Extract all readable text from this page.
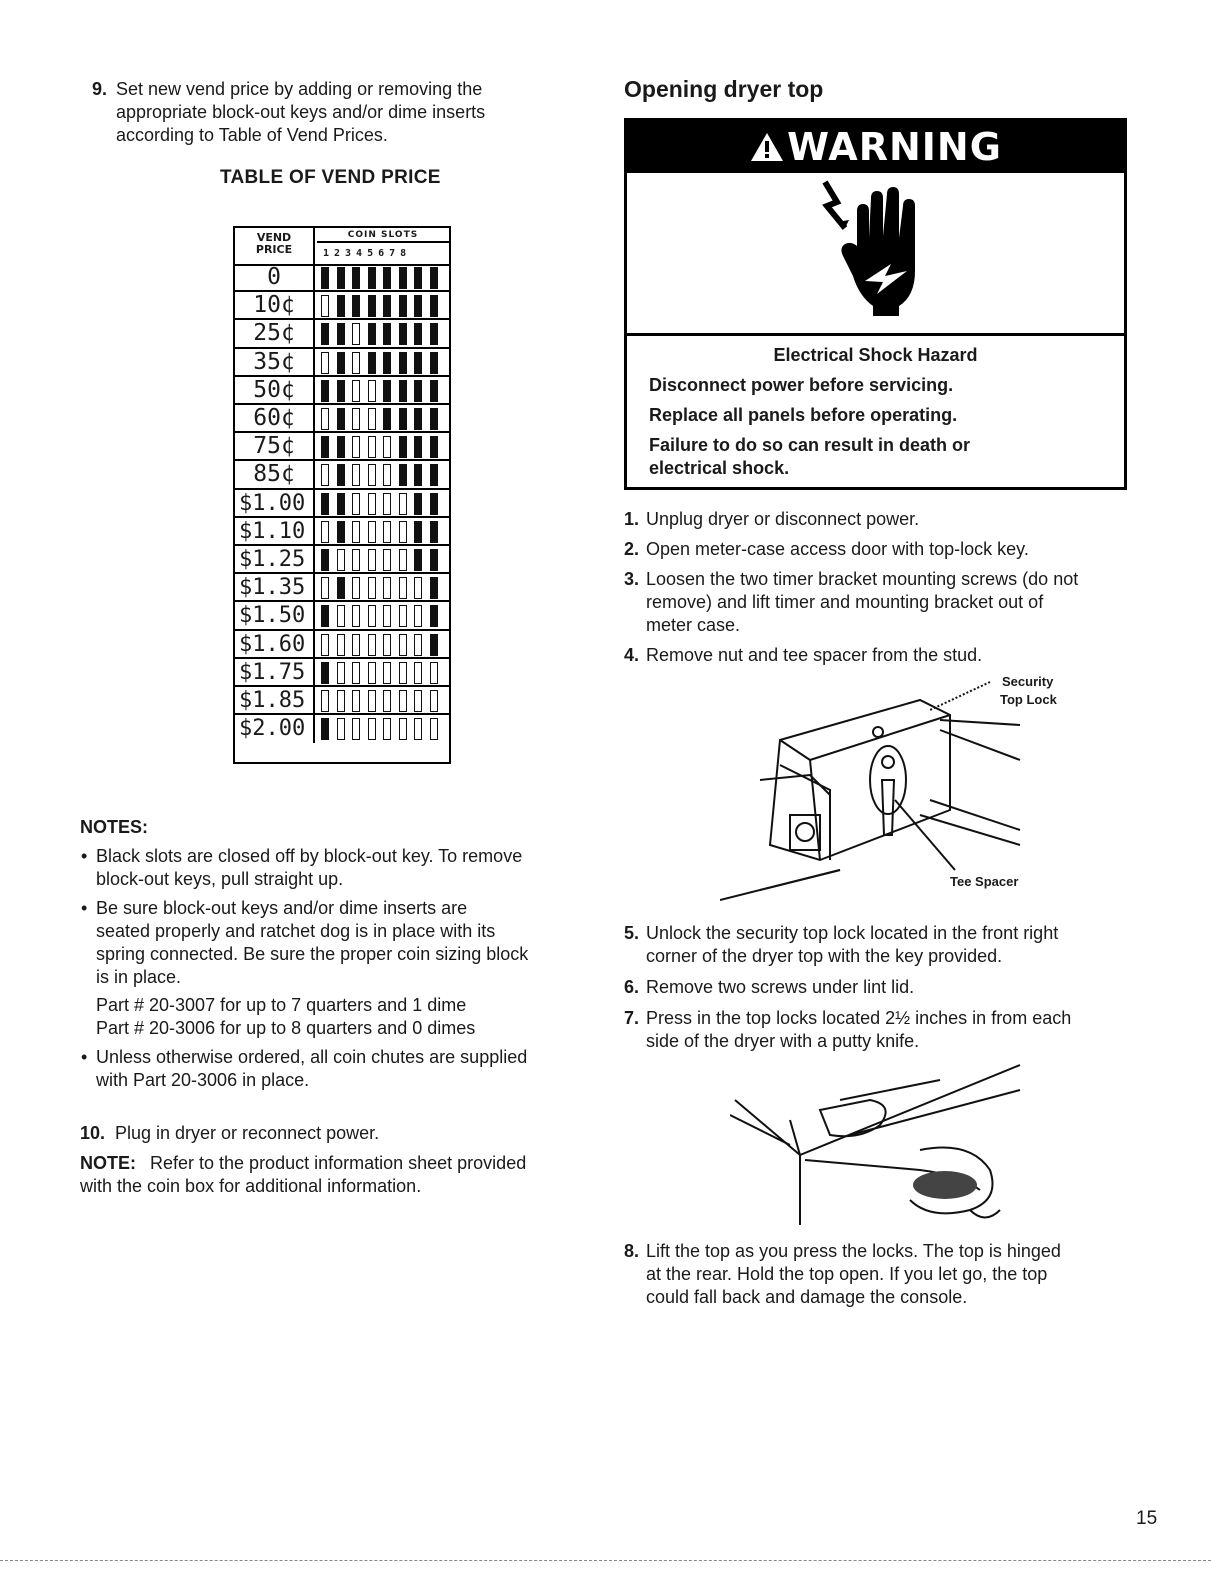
9. Set new vend price by adding or removing the
appropriate block-out keys and/or dime inserts
according to Table of Vend Prices.
TABLE OF VEND PRICE
VEND
PRICE
COIN SLOTS
12345678
0
10¢
25¢
35¢
50¢
60¢
75¢
85¢
$1.00
$1.10
$1.25
$1.35
$1.50
$1.60
$1.75
$1.85
$2.00
NOTES:
• Black slots are closed off by block-out key. To remove
block-out keys, pull straight up.
• Be sure block-out keys and/or dime inserts are
seated properly and ratchet dog is in place with its
spring connected. Be sure the proper coin sizing block
is in place.
Part # 20-3007 for up to 7 quarters and 1 dime
Part # 20-3006 for up to 8 quarters and 0 dimes
• Unless otherwise ordered, all coin chutes are supplied
with Part 20-3006 in place.
10. Plug in dryer or reconnect power.
NOTE: Refer to the product information sheet provided
with the coin box for additional information.
Opening dryer top
WARNING
Electrical Shock Hazard
Disconnect power before servicing.
Replace all panels before operating.
Failure to do so can result in death or
electrical shock.
1. Unplug dryer or disconnect power.
2. Open meter-case access door with top-lock key.
3. Loosen the two timer bracket mounting screws (do not
remove) and lift timer and mounting bracket out of
meter case.
4. Remove nut and tee spacer from the stud.
Security
Top Lock
Tee Spacer
5. Unlock the security top lock located in the front right
corner of the dryer top with the key provided.
6. Remove two screws under lint lid.
7. Press in the top locks located 2½ inches in from each
side of the dryer with a putty knife.
8. Lift the top as you press the locks. The top is hinged
at the rear. Hold the top open. If you let go, the top
could fall back and damage the console.
15
